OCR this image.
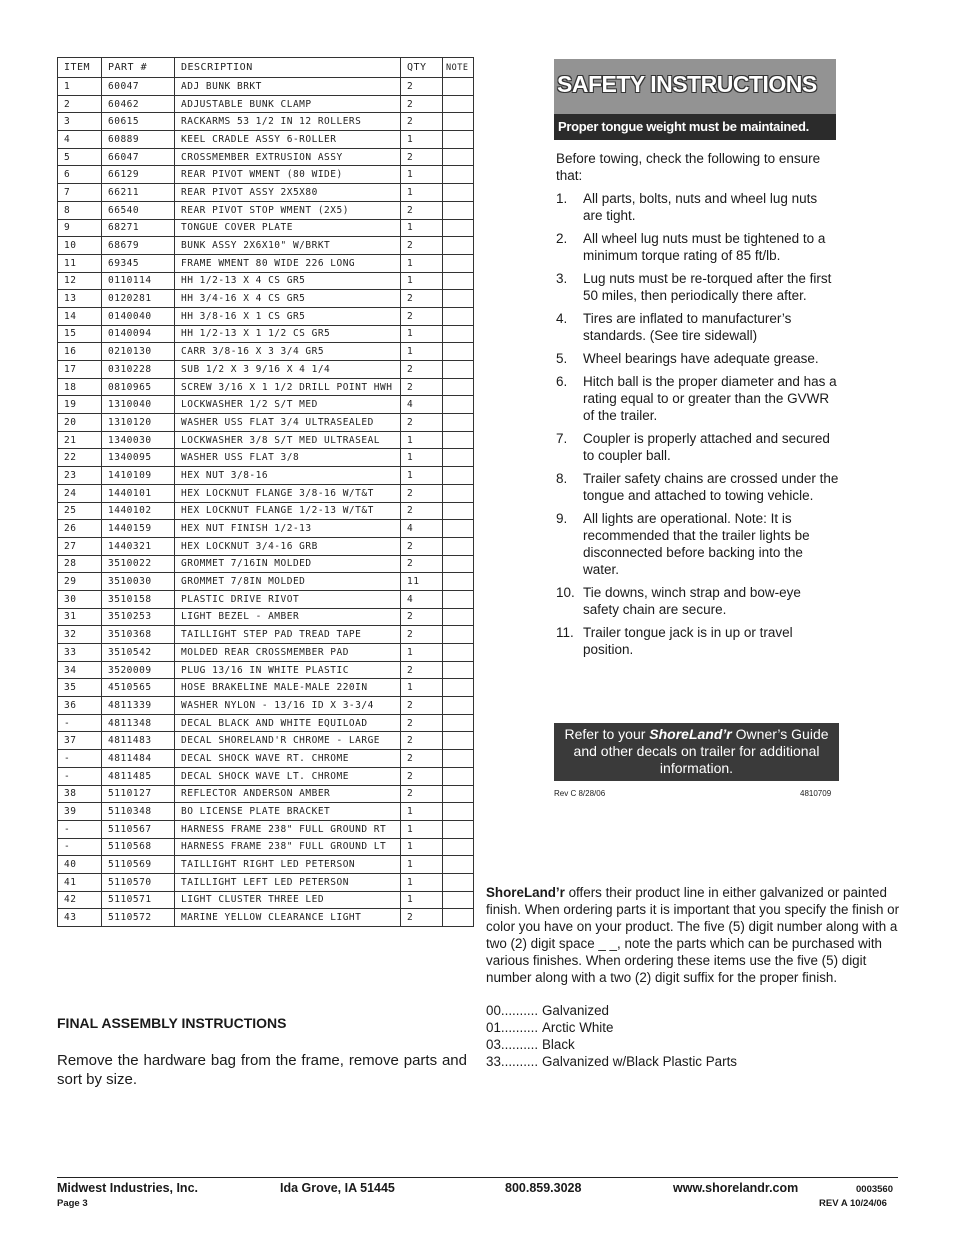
ITEM	PART #	DESCRIPTION	QTY	NOTE
1	60047	ADJ BUNK BRKT	2	
2	60462	ADJUSTABLE BUNK CLAMP	2	
3	60615	RACKARMS 53 1/2 IN 12 ROLLERS	2	
4	60889	KEEL CRADLE ASSY 6-ROLLER	1	
5	66047	CROSSMEMBER EXTRUSION ASSY	2	
6	66129	REAR PIVOT WMENT (80 WIDE)	1	
7	66211	REAR PIVOT ASSY 2X5X80	1	
8	66540	REAR PIVOT STOP WMENT (2X5)	2	
9	68271	TONGUE COVER PLATE	1	
10	68679	BUNK ASSY 2X6X10" W/BRKT	2	
11	69345	FRAME WMENT 80 WIDE 226 LONG	1	
12	0110114	HH 1/2-13 X 4 CS GR5	1	
13	0120281	HH 3/4-16 X 4 CS GR5	2	
14	0140040	HH 3/8-16 X 1 CS GR5	2	
15	0140094	HH 1/2-13 X 1 1/2 CS GR5	1	
16	0210130	CARR 3/8-16 X 3 3/4 GR5	1	
17	0310228	SUB 1/2 X 3 9/16 X 4 1/4	2	
18	0810965	SCREW 3/16 X 1 1/2 DRILL POINT HWH	2	
19	1310040	LOCKWASHER 1/2 S/T MED	4	
20	1310120	WASHER USS FLAT 3/4 ULTRASEALED	2	
21	1340030	LOCKWASHER 3/8 S/T MED ULTRASEAL	1	
22	1340095	WASHER USS FLAT 3/8	1	
23	1410109	HEX NUT 3/8-16	1	
24	1440101	HEX LOCKNUT FLANGE 3/8-16 W/T&T	2	
25	1440102	HEX LOCKNUT FLANGE 1/2-13 W/T&T	2	
26	1440159	HEX NUT FINISH 1/2-13	4	
27	1440321	HEX LOCKNUT 3/4-16 GRB	2	
28	3510022	GROMMET 7/16IN MOLDED	2	
29	3510030	GROMMET 7/8IN MOLDED	11	
30	3510158	PLASTIC DRIVE RIVOT	4	
31	3510253	LIGHT BEZEL - AMBER	2	
32	3510368	TAILLIGHT STEP PAD TREAD TAPE	2	
33	3510542	MOLDED REAR CROSSMEMBER PAD	1	
34	3520009	PLUG 13/16 IN WHITE PLASTIC	2	
35	4510565	HOSE BRAKELINE MALE-MALE 220IN	1	
36	4811339	WASHER NYLON - 13/16 ID X 3-3/4	2	
-	4811348	DECAL BLACK AND WHITE EQUILOAD	2	
37	4811483	DECAL SHORELAND'R CHROME - LARGE	2	
-	4811484	DECAL SHOCK WAVE RT. CHROME	2	
-	4811485	DECAL SHOCK WAVE LT. CHROME	2	
38	5110127	REFLECTOR ANDERSON AMBER	2	
39	5110348	BO LICENSE PLATE BRACKET	1	
-	5110567	HARNESS FRAME 238" FULL GROUND RT	1	
-	5110568	HARNESS FRAME 238" FULL GROUND LT	1	
40	5110569	TAILLIGHT RIGHT LED PETERSON	1	
41	5110570	TAILLIGHT LEFT LED PETERSON	1	
42	5110571	LIGHT CLUSTER THREE LED	1	
43	5110572	MARINE YELLOW CLEARANCE LIGHT	2	
FINAL ASSEMBLY INSTRUCTIONS
Remove the hardware bag from the frame, remove parts and sort by size.
SAFETY INSTRUCTIONS
Proper tongue weight must be maintained.
Before towing, check the following to ensure that:
1. All parts, bolts, nuts and wheel lug nuts are tight.
2. All wheel lug nuts must be tightened to a minimum torque rating of 85 ft/lb.
3. Lug nuts must be re-torqued after the first 50 miles, then periodically there after.
4. Tires are inflated to manufacturer’s standards. (See tire sidewall)
5. Wheel bearings have adequate grease.
6. Hitch ball is the proper diameter and has a rating equal to or greater than the GVWR of the trailer.
7. Coupler is properly attached and secured to coupler ball.
8. Trailer safety chains are crossed under the tongue and attached to towing vehicle.
9. All lights are operational. Note: It is recommended that the trailer lights be disconnected before backing into the water.
10. Tie downs, winch strap and bow-eye safety chain are secure.
11. Trailer tongue jack is in up or travel position.
Refer to your ShoreLand’r Owner’s Guide and other decals on trailer for additional information.
Rev C 8/28/06	4810709
ShoreLand’r offers their product line in either galvanized or painted finish. When ordering parts it is important that you specify the finish or color you have on your product. The five (5) digit number along with a two (2) digit space _ _, note the parts which can be purchased with various finishes. When ordering these items use the five (5) digit number along with a two (2) digit suffix for the proper finish.
00.......... Galvanized
01.......... Arctic White
03.......... Black
33.......... Galvanized w/Black Plastic Parts
Midwest Industries, Inc.
Page 3
Ida Grove, IA 51445	800.859.3028	www.shorelandr.com	0003560
REV A 10/24/06
